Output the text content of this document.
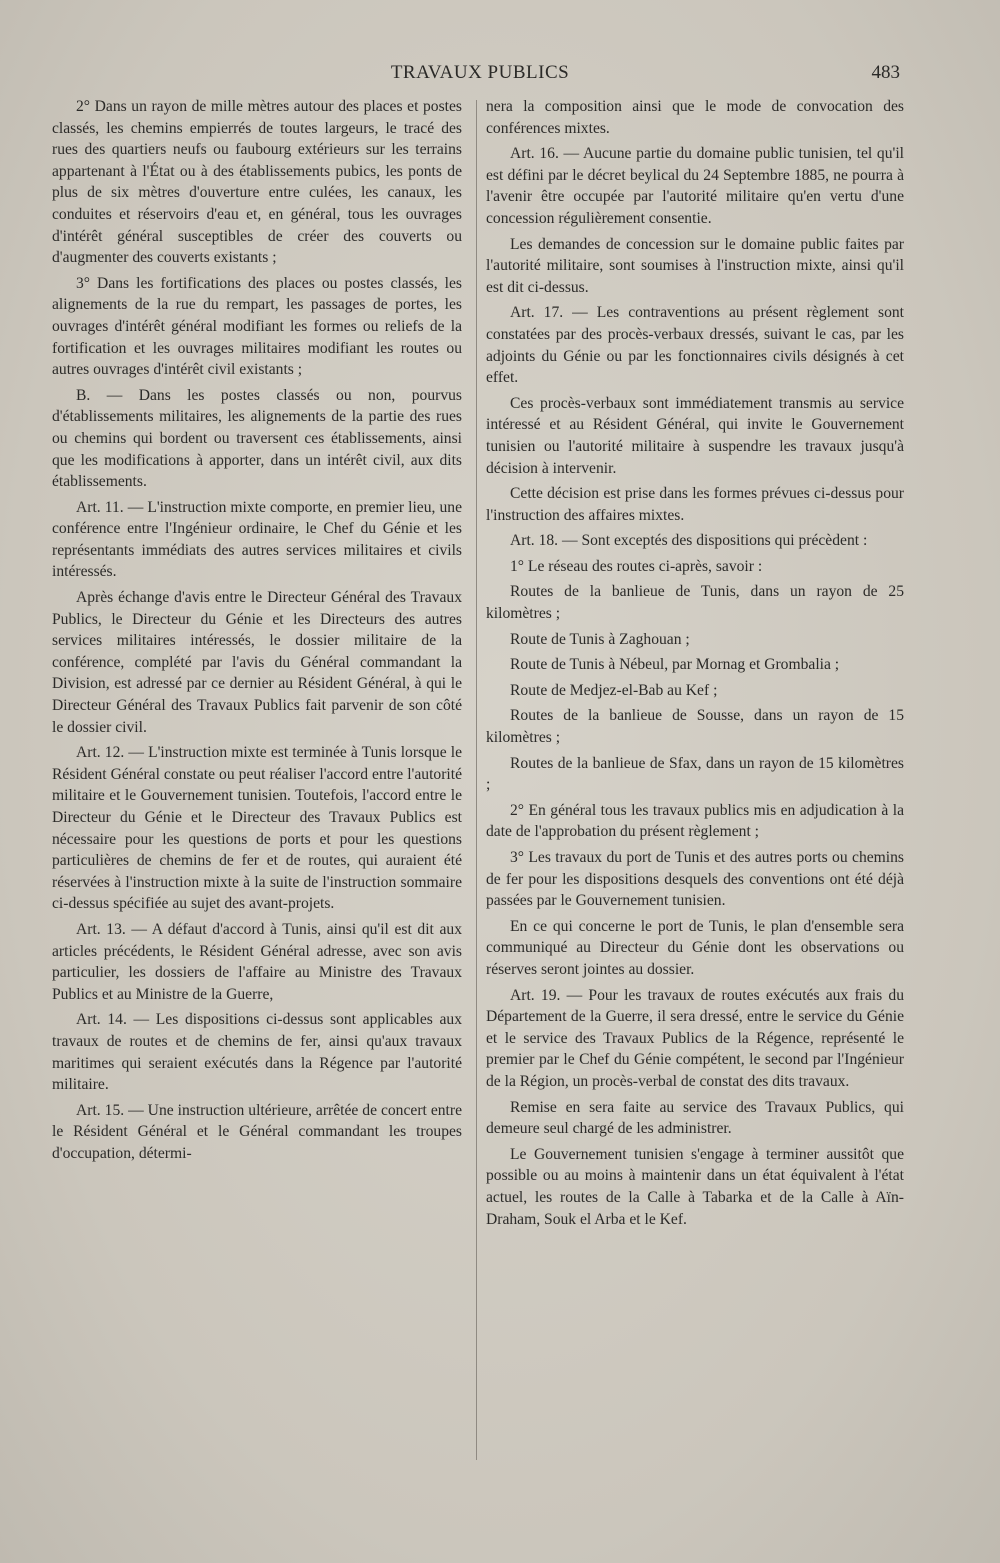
TRAVAUX PUBLICS	483

2° Dans un rayon de mille mètres autour des places et postes classés, les chemins empierrés de toutes largeurs, le tracé des rues des quartiers neufs ou faubourg extérieurs sur les terrains appartenant à l'État ou à des établissements pubics, les ponts de plus de six mètres d'ouverture entre culées, les canaux, les conduites et réservoirs d'eau et, en général, tous les ouvrages d'intérêt général susceptibles de créer des couverts ou d'augmenter des couverts existants ;

3° Dans les fortifications des places ou postes classés, les alignements de la rue du rempart, les passages de portes, les ouvrages d'intérêt général modifiant les formes ou reliefs de la fortification et les ouvrages militaires modifiant les routes ou autres ouvrages d'intérêt civil existants ;

B. — Dans les postes classés ou non, pourvus d'établissements militaires, les alignements de la partie des rues ou chemins qui bordent ou traversent ces établissements, ainsi que les modifications à apporter, dans un intérêt civil, aux dits établissements.

Art. 11. — L'instruction mixte comporte, en premier lieu, une conférence entre l'Ingénieur ordinaire, le Chef du Génie et les représentants immédiats des autres services militaires et civils intéressés.

Après échange d'avis entre le Directeur Général des Travaux Publics, le Directeur du Génie et les Directeurs des autres services militaires intéressés, le dossier militaire de la conférence, complété par l'avis du Général commandant la Division, est adressé par ce dernier au Résident Général, à qui le Directeur Général des Travaux Publics fait parvenir de son côté le dossier civil.

Art. 12. — L'instruction mixte est terminée à Tunis lorsque le Résident Général constate ou peut réaliser l'accord entre l'autorité militaire et le Gouvernement tunisien. Toutefois, l'accord entre le Directeur du Génie et le Directeur des Travaux Publics est nécessaire pour les questions de ports et pour les questions particulières de chemins de fer et de routes, qui auraient été réservées à l'instruction mixte à la suite de l'instruction sommaire ci-dessus spécifiée au sujet des avant-projets.

Art. 13. — A défaut d'accord à Tunis, ainsi qu'il est dit aux articles précédents, le Résident Général adresse, avec son avis particulier, les dossiers de l'affaire au Ministre des Travaux Publics et au Ministre de la Guerre,

Art. 14. — Les dispositions ci-dessus sont applicables aux travaux de routes et de chemins de fer, ainsi qu'aux travaux maritimes qui seraient exécutés dans la Régence par l'autorité militaire.

Art. 15. — Une instruction ultérieure, arrêtée de concert entre le Résident Général et le Général commandant les troupes d'occupation, détermi-

nera la composition ainsi que le mode de convocation des conférences mixtes.

Art. 16. — Aucune partie du domaine public tunisien, tel qu'il est défini par le décret beylical du 24 Septembre 1885, ne pourra à l'avenir être occupée par l'autorité militaire qu'en vertu d'une concession régulièrement consentie.

Les demandes de concession sur le domaine public faites par l'autorité militaire, sont soumises à l'instruction mixte, ainsi qu'il est dit ci-dessus.

Art. 17. — Les contraventions au présent règlement sont constatées par des procès-verbaux dressés, suivant le cas, par les adjoints du Génie ou par les fonctionnaires civils désignés à cet effet.

Ces procès-verbaux sont immédiatement transmis au service intéressé et au Résident Général, qui invite le Gouvernement tunisien ou l'autorité militaire à suspendre les travaux jusqu'à décision à intervenir.

Cette décision est prise dans les formes prévues ci-dessus pour l'instruction des affaires mixtes.

Art. 18. — Sont exceptés des dispositions qui précèdent :

1° Le réseau des routes ci-après, savoir :

Routes de la banlieue de Tunis, dans un rayon de 25 kilomètres ;

Route de Tunis à Zaghouan ;

Route de Tunis à Nébeul, par Mornag et Grombalia ;

Route de Medjez-el-Bab au Kef ;

Routes de la banlieue de Sousse, dans un rayon de 15 kilomètres ;

Routes de la banlieue de Sfax, dans un rayon de 15 kilomètres ;

2° En général tous les travaux publics mis en adjudication à la date de l'approbation du présent règlement ;

3° Les travaux du port de Tunis et des autres ports ou chemins de fer pour les dispositions desquels des conventions ont été déjà passées par le Gouvernement tunisien.

En ce qui concerne le port de Tunis, le plan d'ensemble sera communiqué au Directeur du Génie dont les observations ou réserves seront jointes au dossier.

Art. 19. — Pour les travaux de routes exécutés aux frais du Département de la Guerre, il sera dressé, entre le service du Génie et le service des Travaux Publics de la Régence, représenté le premier par le Chef du Génie compétent, le second par l'Ingénieur de la Région, un procès-verbal de constat des dits travaux.

Remise en sera faite au service des Travaux Publics, qui demeure seul chargé de les administrer.

Le Gouvernement tunisien s'engage à terminer aussitôt que possible ou au moins à maintenir dans un état équivalent à l'état actuel, les routes de la Calle à Tabarka et de la Calle à Aïn-Draham, Souk el Arba et le Kef.
